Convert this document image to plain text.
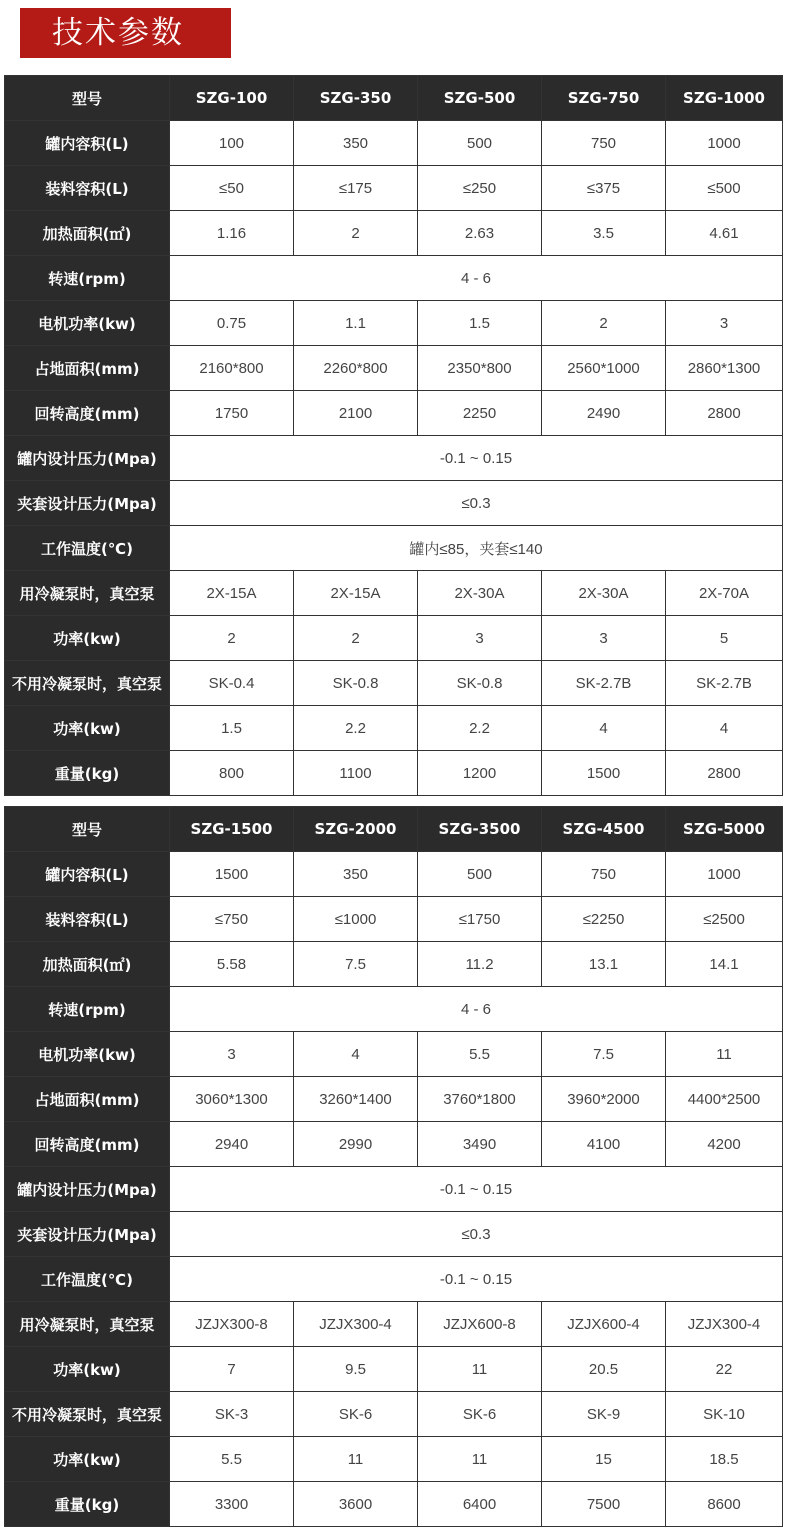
技术参数
型号	SZG-100	SZG-350	SZG-500	SZG-750	SZG-1000
罐内容积(L)	100	350	500	750	1000
装料容积(L)	≤50	≤175	≤250	≤375	≤500
加热面积(㎡)	1.16	2	2.63	3.5	4.61
转速(rpm)	4 - 6				
电机功率(kw)	0.75	1.1	1.5	2	3
占地面积(mm)	2160*800	2260*800	2350*800	2560*1000	2860*1300
回转高度(mm)	1750	2100	2250	2490	2800
罐内设计压力(Mpa)	-0.1 ~ 0.15				
夹套设计压力(Mpa)	≤0.3				
工作温度(℃)	罐内≤85，夹套≤140				
用冷凝泵时，真空泵	2X-15A	2X-15A	2X-30A	2X-30A	2X-70A
功率(kw)	2	2	3	3	5
不用冷凝泵时，真空泵	SK-0.4	SK-0.8	SK-0.8	SK-2.7B	SK-2.7B
功率(kw)	1.5	2.2	2.2	4	4
重量(kg)	800	1100	1200	1500	2800
型号	SZG-1500	SZG-2000	SZG-3500	SZG-4500	SZG-5000
罐内容积(L)	1500	350	500	750	1000
装料容积(L)	≤750	≤1000	≤1750	≤2250	≤2500
加热面积(㎡)	5.58	7.5	11.2	13.1	14.1
转速(rpm)	4 - 6				
电机功率(kw)	3	4	5.5	7.5	11
占地面积(mm)	3060*1300	3260*1400	3760*1800	3960*2000	4400*2500
回转高度(mm)	2940	2990	3490	4100	4200
罐内设计压力(Mpa)	-0.1 ~ 0.15				
夹套设计压力(Mpa)	≤0.3				
工作温度(℃)	-0.1 ~ 0.15				
用冷凝泵时，真空泵	JZJX300-8	JZJX300-4	JZJX600-8	JZJX600-4	JZJX300-4
功率(kw)	7	9.5	11	20.5	22
不用冷凝泵时，真空泵	SK-3	SK-6	SK-6	SK-9	SK-10
功率(kw)	5.5	11	11	15	18.5
重量(kg)	3300	3600	6400	7500	8600
